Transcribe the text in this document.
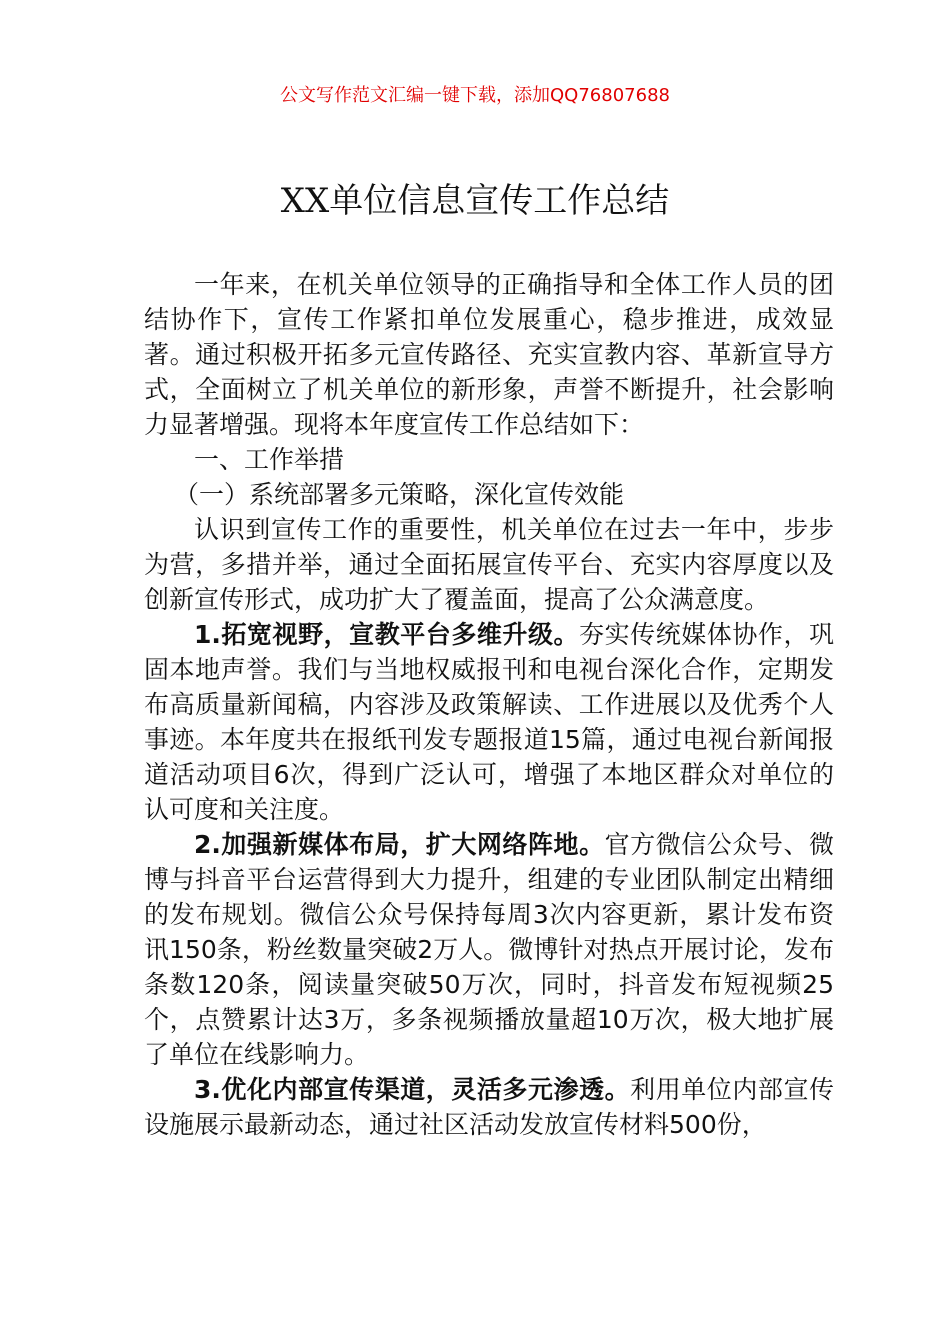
公文写作范文汇编一键下载，添加QQ76807688
XX单位信息宣传工作总结

一年来，在机关单位领导的正确指导和全体工作人员的团结协作下，宣传工作紧扣单位发展重心，稳步推进，成效显著。通过积极开拓多元宣传路径、充实宣教内容、革新宣导方式，全面树立了机关单位的新形象，声誉不断提升，社会影响力显著增强。现将本年度宣传工作总结如下：

一、工作举措

（一）系统部署多元策略，深化宣传效能

认识到宣传工作的重要性，机关单位在过去一年中，步步为营，多措并举，通过全面拓展宣传平台、充实内容厚度以及创新宣传形式，成功扩大了覆盖面，提高了公众满意度。

1.拓宽视野，宣教平台多维升级。夯实传统媒体协作，巩固本地声誉。我们与当地权威报刊和电视台深化合作，定期发布高质量新闻稿，内容涉及政策解读、工作进展以及优秀个人事迹。本年度共在报纸刊发专题报道15篇，通过电视台新闻报道活动项目6次，得到广泛认可，增强了本地区群众对单位的认可度和关注度。

2.加强新媒体布局，扩大网络阵地。官方微信公众号、微博与抖音平台运营得到大力提升，组建的专业团队制定出精细的发布规划。微信公众号保持每周3次内容更新，累计发布资讯150条，粉丝数量突破2万人。微博针对热点开展讨论，发布条数120条，阅读量突破50万次，同时，抖音发布短视频25个，点赞累计达3万，多条视频播放量超10万次，极大地扩展了单位在线影响力。

3.优化内部宣传渠道，灵活多元渗透。利用单位内部宣传设施展示最新动态，通过社区活动发放宣传材料500份，
